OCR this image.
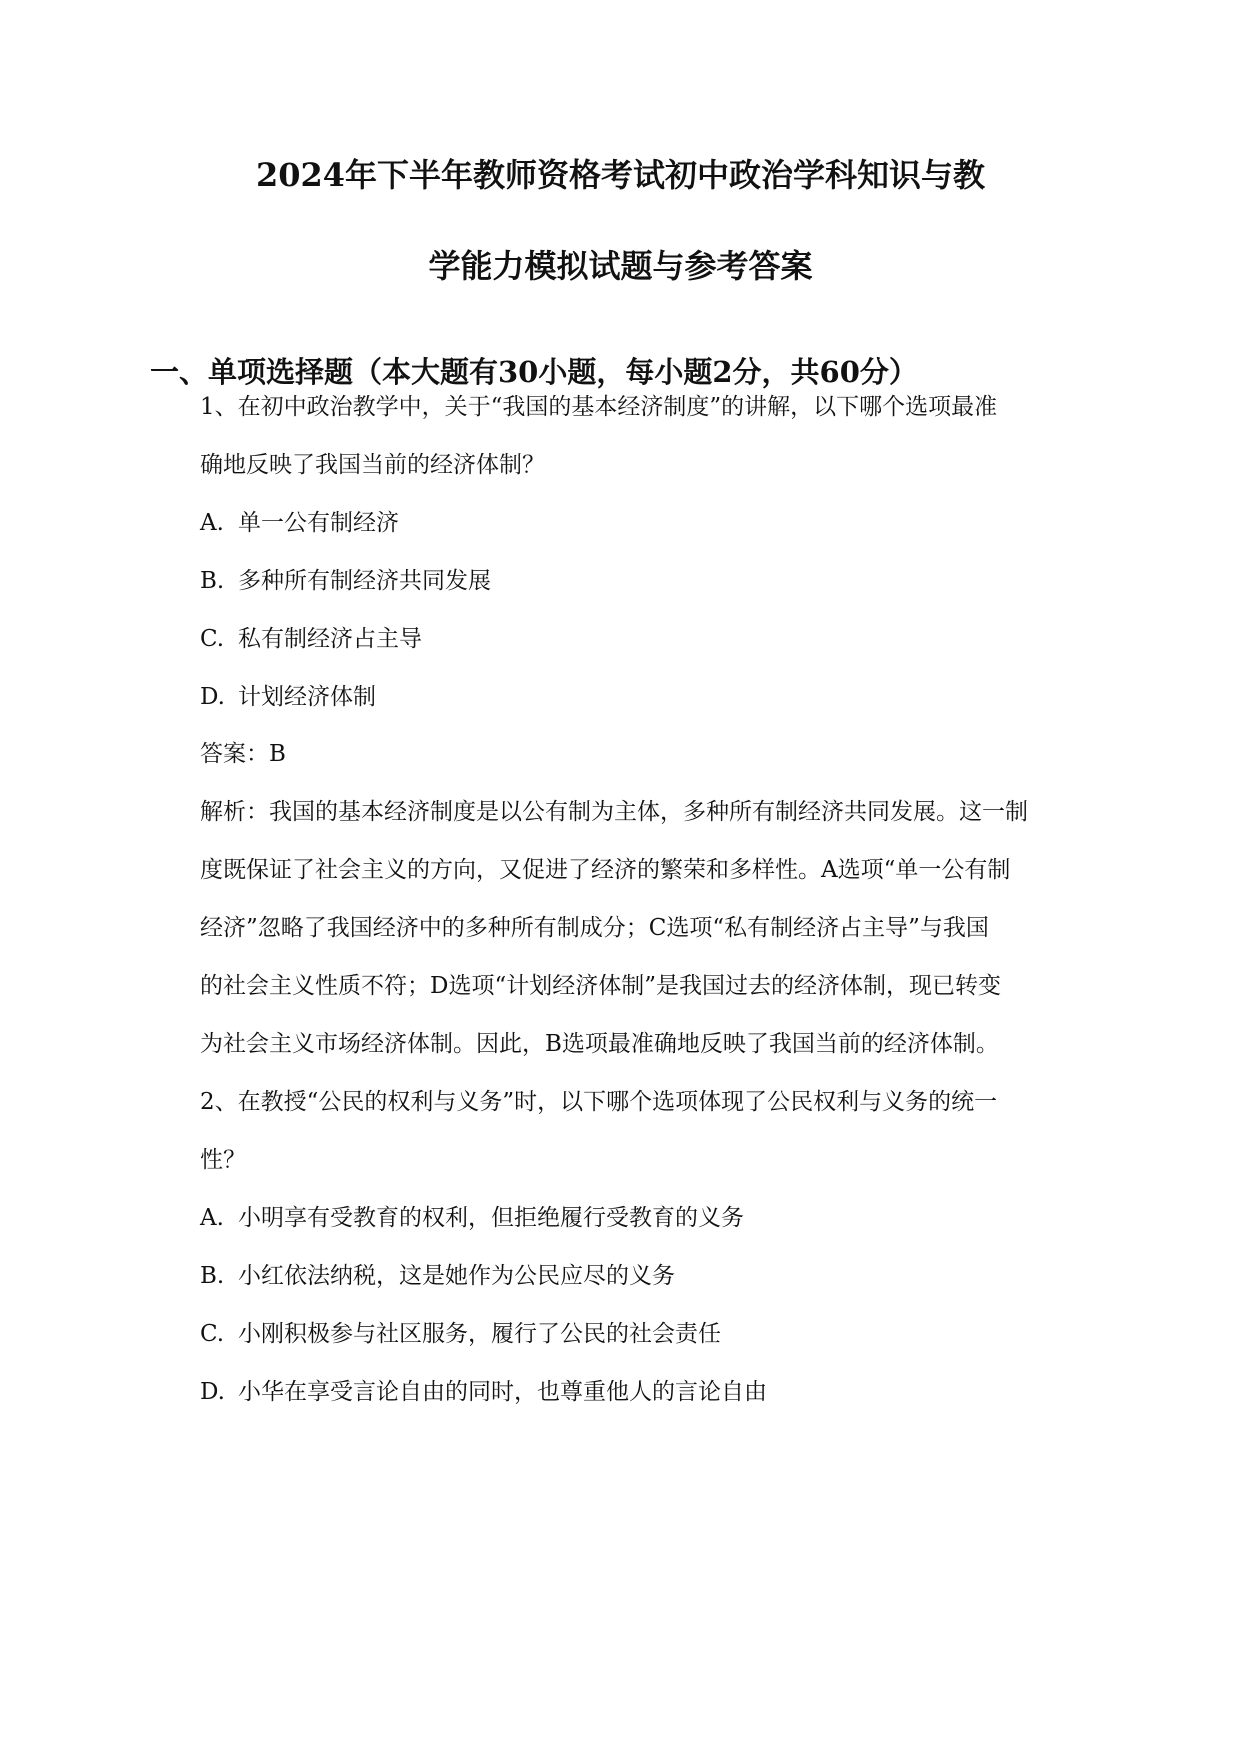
2024年下半年教师资格考试初中政治学科知识与教
学能力模拟试题与参考答案
一、单项选择题（本大题有30小题，每小题2分，共60分）
1、在初中政治教学中，关于“我国的基本经济制度”的讲解，以下哪个选项最准
确地反映了我国当前的经济体制？
A. 单一公有制经济
B. 多种所有制经济共同发展
C. 私有制经济占主导
D. 计划经济体制
答案：B
解析：我国的基本经济制度是以公有制为主体，多种所有制经济共同发展。这一制
度既保证了社会主义的方向，又促进了经济的繁荣和多样性。A选项“单一公有制
经济”忽略了我国经济中的多种所有制成分；C选项“私有制经济占主导”与我国
的社会主义性质不符；D选项“计划经济体制”是我国过去的经济体制，现已转变
为社会主义市场经济体制。因此，B选项最准确地反映了我国当前的经济体制。
2、在教授“公民的权利与义务”时，以下哪个选项体现了公民权利与义务的统一
性？
A. 小明享有受教育的权利，但拒绝履行受教育的义务
B. 小红依法纳税，这是她作为公民应尽的义务
C. 小刚积极参与社区服务，履行了公民的社会责任
D. 小华在享受言论自由的同时，也尊重他人的言论自由
